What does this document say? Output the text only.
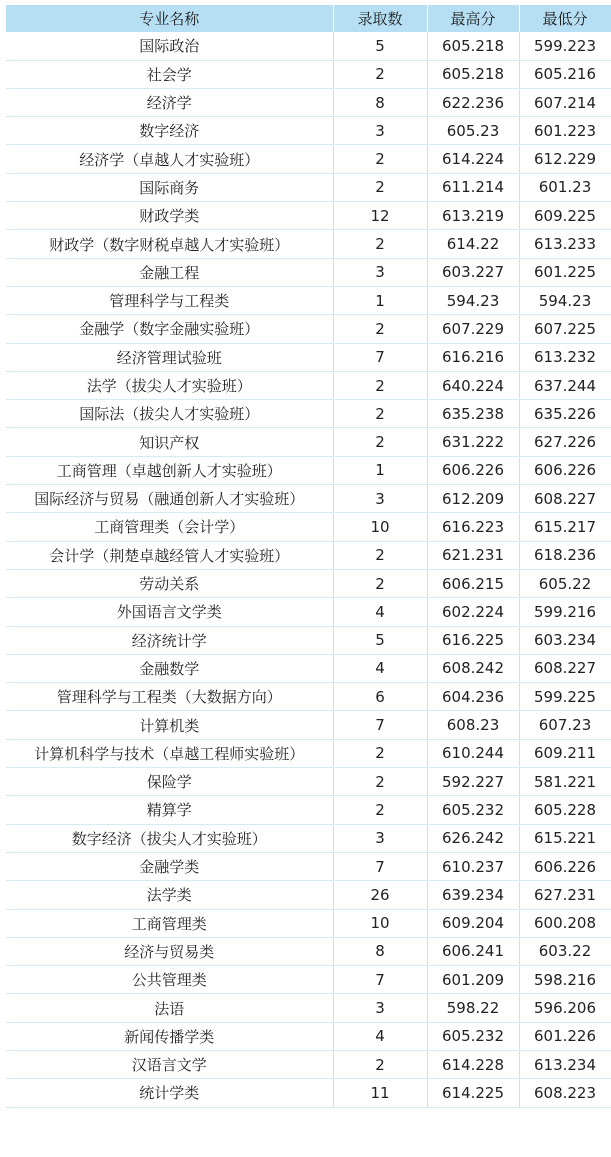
专业名称	录取数	最高分	最低分
国际政治	5	605.218	599.223
社会学	2	605.218	605.216
经济学	8	622.236	607.214
数字经济	3	605.23	601.223
经济学（卓越人才实验班）	2	614.224	612.229
国际商务	2	611.214	601.23
财政学类	12	613.219	609.225
财政学（数字财税卓越人才实验班）	2	614.22	613.233
金融工程	3	603.227	601.225
管理科学与工程类	1	594.23	594.23
金融学（数字金融实验班）	2	607.229	607.225
经济管理试验班	7	616.216	613.232
法学（拔尖人才实验班）	2	640.224	637.244
国际法（拔尖人才实验班）	2	635.238	635.226
知识产权	2	631.222	627.226
工商管理（卓越创新人才实验班）	1	606.226	606.226
国际经济与贸易（融通创新人才实验班）	3	612.209	608.227
工商管理类（会计学）	10	616.223	615.217
会计学（荆楚卓越经管人才实验班）	2	621.231	618.236
劳动关系	2	606.215	605.22
外国语言文学类	4	602.224	599.216
经济统计学	5	616.225	603.234
金融数学	4	608.242	608.227
管理科学与工程类（大数据方向）	6	604.236	599.225
计算机类	7	608.23	607.23
计算机科学与技术（卓越工程师实验班）	2	610.244	609.211
保险学	2	592.227	581.221
精算学	2	605.232	605.228
数字经济（拔尖人才实验班）	3	626.242	615.221
金融学类	7	610.237	606.226
法学类	26	639.234	627.231
工商管理类	10	609.204	600.208
经济与贸易类	8	606.241	603.22
公共管理类	7	601.209	598.216
法语	3	598.22	596.206
新闻传播学类	4	605.232	601.226
汉语言文学	2	614.228	613.234
统计学类	11	614.225	608.223
